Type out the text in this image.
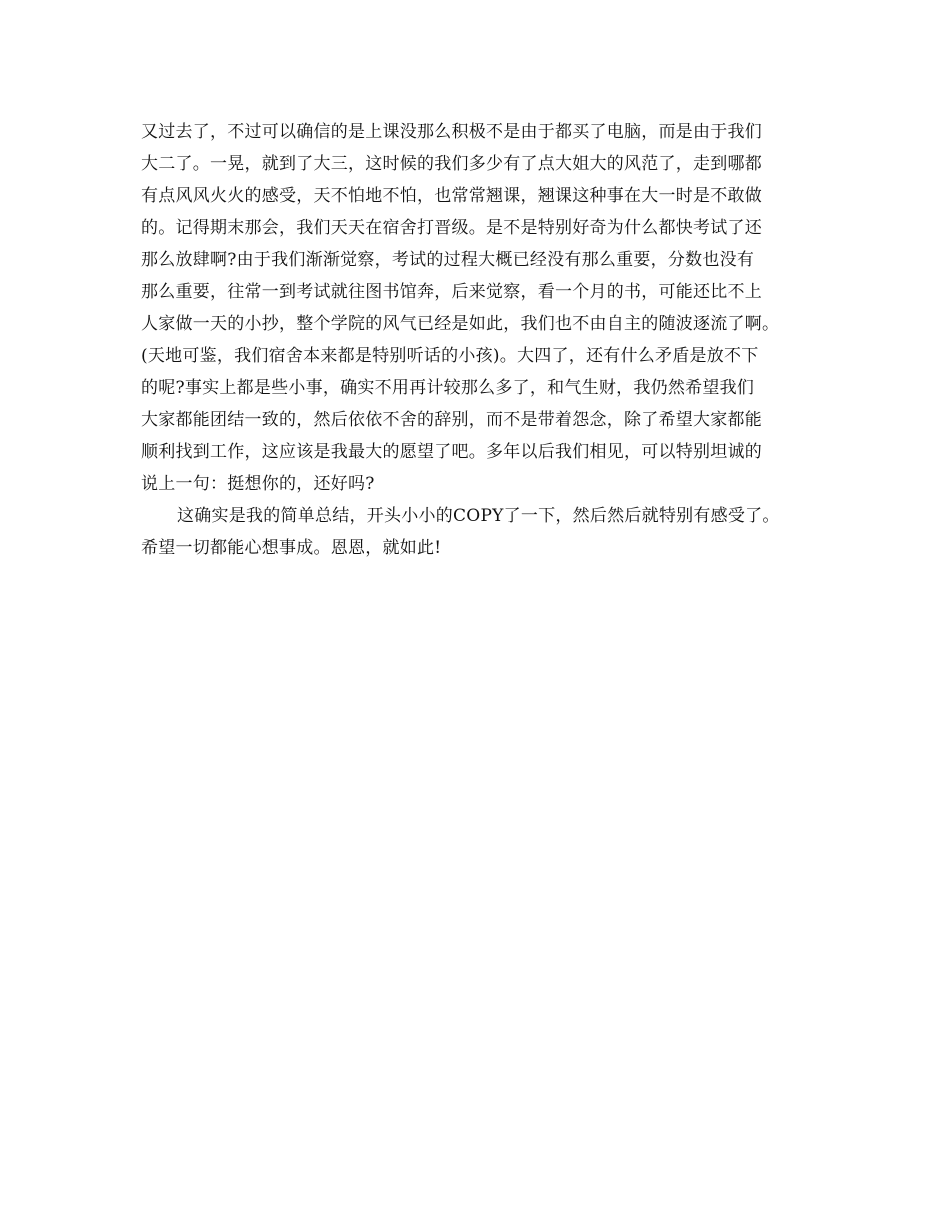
又过去了，不过可以确信的是上课没那么积极不是由于都买了电脑，而是由于我们
大二了。一晃，就到了大三，这时候的我们多少有了点大姐大的风范了，走到哪都
有点风风火火的感受，天不怕地不怕，也常常翘课，翘课这种事在大一时是不敢做
的。记得期末那会，我们天天在宿舍打晋级。是不是特别好奇为什么都快考试了还
那么放肆啊?由于我们渐渐觉察，考试的过程大概已经没有那么重要，分数也没有
那么重要，往常一到考试就往图书馆奔，后来觉察，看一个月的书，可能还比不上
人家做一天的小抄，整个学院的风气已经是如此，我们也不由自主的随波逐流了啊。
(天地可鉴，我们宿舍本来都是特别听话的小孩)。大四了，还有什么矛盾是放不下
的呢?事实上都是些小事，确实不用再计较那么多了，和气生财，我仍然希望我们
大家都能团结一致的，然后依依不舍的辞别，而不是带着怨念，除了希望大家都能
顺利找到工作，这应该是我最大的愿望了吧。多年以后我们相见，可以特别坦诚的
说上一句：挺想你的，还好吗?
这确实是我的简单总结，开头小小的COPY了一下，然后然后就特别有感受了。
希望一切都能心想事成。恩恩，就如此!
